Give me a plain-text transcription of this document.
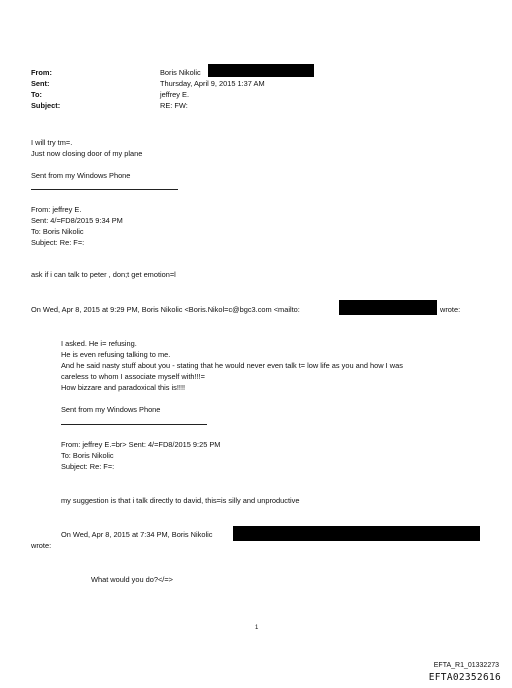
From:
Sent:
To:
Subject:
Boris Nikolic
Thursday, April 9, 2015 1:37 AM
jeffrey E.
RE: FW:
I will try tm=.
Just now closing door of my plane
Sent from my Windows Phone
From: jeffrey E.
Sent: 4/=FD8/2015 9:34 PM
To: Boris Nikolic
Subject: Re: F=:
ask if i can talk to peter , don;t get emotion=l
On Wed, Apr 8, 2015 at 9:29 PM, Boris Nikolic <Boris.Nikol=c@bgc3.com <mailto:	wrote:
I asked. He i= refusing.
He is even refusing talking to me.
And he said nasty stuff about you - stating that he would never even talk t= low life as you and how I was
careless to whom I associate myself with!!!=
How bizzare and paradoxical this is!!!!
Sent from my Windows Phone
From: jeffrey E.=br> Sent: 4/=FD8/2015 9:25 PM
To: Boris Nikolic
Subject: Re: F=:
my suggestion is that i talk directly to david, this=is silly and unproductive
On Wed, Apr 8, 2015 at 7:34 PM, Boris Nikolic
wrote:
What would you do?</=>
1
EFTA_R1_01332273
EFTA02352616
